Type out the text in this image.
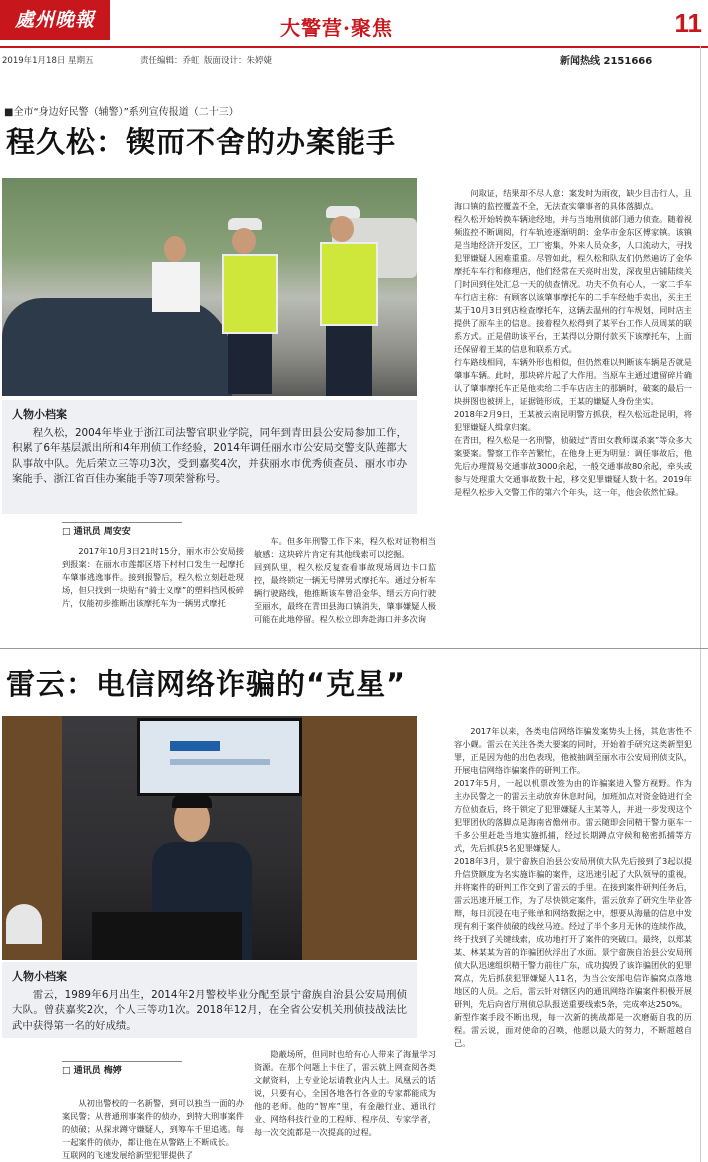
處州晚報	大警营·聚焦	11
2019年1月18日 星期五	责任编辑：乔虹 版面设计：朱婷婕	新闻热线 2151666
■全市“身边好民警（辅警）”系列宣传报道（二十三）
程久松：锲而不舍的办案能手
人物小档案
程久松，2004年毕业于浙江司法警官职业学院，同年到青田县公安局参加工作，积累了6年基层派出所和4年刑侦工作经验，2014年调任丽水市公安局交警支队莲都大队事故中队。先后荣立三等功3次，受到嘉奖4次，并获丽水市优秀侦查员、丽水市办案能手、浙江省百佳办案能手等7项荣誉称号。
□ 通讯员 周安安

2017年10月3日21时15分，丽水市公安局接到报案：在丽水市莲都区塔下村村口发生一起摩托车肇事逃逸事件。接到报警后，程久松立刻赶赴现场，但只找到一块贴有“骑士义摩”的塑料挡风板碎片，仅能初步推断出该摩托车为一辆男式摩托

车。但多年刑警工作下来，程久松对证物相当敏感：这块碎片肯定有其他线索可以挖掘。
回到队里，程久松反复查看事故现场周边卡口监控，最终锁定一辆无号牌男式摩托车。通过分析车辆行驶路线，他推断该车曾沿金华、缙云方向行驶至丽水，最终在青田县海口镇消失，肇事嫌疑人极可能在此地停留。程久松立即奔赴海口并多次询

问取证，结果却不尽人意：案发时为雨夜，缺少目击行人，且海口镇的监控覆盖不全，无法查实肇事者的具体落脚点。
程久松开始转换车辆途经地，并与当地刑侦部门通力侦查。随着视频监控不断调阅，行车轨迹逐渐明朗：金华市金东区傅家镇。该镇是当地经济开发区，工厂密集，外来人员众多，人口流动大，寻找犯罪嫌疑人困难重重。尽管如此，程久松和队友们仍然遍访了金华摩托车车行和修理店，他们经常在天亮时出发，深夜里店铺陆续关门时回到住处汇总一天的侦查情况。功夫不负有心人，一家二手车车行店主称：有顾客以该肇事摩托车的二手车经他手卖出，买主王某于10月3日到店检查摩托车，这辆去温州的行车规划，同时店主提供了原车主的信息。接着程久松得到了某平台工作人员周某的联系方式。正是借助该平台，王某得以分期付款买下该摩托车，上面还保留着王某的信息和联系方式。
行车路线相同，车辆外形也相似，但仍然难以判断该车辆是否就是肇事车辆。此时，那块碎片起了大作用。当原车主通过遗留碎片确认了肇事摩托车正是他卖给二手车店店主的那辆时，破案的最后一块拼图也被拼上，证据链形成，王某的嫌疑人身份坐实。
2018年2月9日，王某被云南昆明警方抓获，程久松远赴昆明，将犯罪嫌疑人缉拿归案。
在青田，程久松是一名刑警，侦破过“青田女教师谋杀案”等众多大案要案。警察工作辛苦繁忙，在他身上更为明显：调任事故后，他先后办理简易交通事故3000余起，一般交通事故80余起，牵头或参与处理重大交通事故数十起，移交犯罪嫌疑人数十名。2019年是程久松步入交警工作的第六个年头，这一年，他会依然忙碌。

雷云：电信网络诈骗的“克星”
人物小档案
雷云，1989年6月出生，2014年2月警校毕业分配至景宁畲族自治县公安局刑侦大队。曾获嘉奖2次，个人三等功1次。2018年12月，在全省公安机关刑侦技战法比武中获得第一名的好成绩。

□ 通讯员 梅婷

从初出警校的一名新警，到可以独当一面的办案民警；从普通刑事案件的侦办，到特大刑事案件的侦破；从探求蹲守嫌疑人，到筹车千里追逃。每一起案件的侦办，都让他在从警路上不断成长。
互联网的飞速发展给新型犯罪提供了

隐蔽场所，但同时也给有心人带来了海量学习资源。在那个问题上卡住了，雷云就上网查阅各类文献资料，上专业论坛请教业内人士。凤凰云的话说，只要有心，全国各地各行各业的专家都能成为他的老师。他的“智库”里，有金融行业、通讯行业、网络科技行业的工程师、程序员、专家学者，每一次交流都是一次提高的过程。

2017年以来，各类电信网络诈骗发案势头上扬，其危害性不容小觑。雷云在关注各类大要案的同时，开始着手研究这类新型犯罪，正是因为他的出色表现，他被抽调至丽水市公安局刑侦支队，开展电信网络诈骗案件的研判工作。
2017年5月，一起以机票改签为由的诈骗案进入警方视野。作为主办民警之一的雷云主动放弃休息时间，加班加点对资金链进行全方位侦查后，终于锁定了犯罪嫌疑人主某等人，并进一步发现这个犯罪团伙的落脚点是海南省儋州市。雷云随即会同精干警力驱车一千多公里赶赴当地实施抓捕，经过长期蹲点守候和秘密抓捕等方式，先后抓获5名犯罪嫌疑人。
2018年3月，景宁畲族自治县公安局刑侦大队先后接到了3起以提升信贷额度为名实施诈骗的案件，这迅速引起了大队领导的重视，并将案件的研判工作交到了雷云的手里。在接到案件研判任务后，雷云迅速开展工作，为了尽快锁定案件，雷云放弃了研究生毕业答辩，每日沉浸在电子账单和网络数据之中，想要从海量的信息中发现有利于案件侦破的线丝马迹。经过了半个多月无休的连续作战，终于找到了关键线索，成功地打开了案件的突破口。最终，以郑某某、林某某为首的诈骗团伙浮出了水面。景宁畲族自治县公安局刑侦大队迅速组织精干警力前往广东，成功捣毁了该诈骗团伙的犯罪窝点，先后抓获犯罪嫌疑人11名，为当公安部电信诈骗窝点落地地区的人员。之后，雷云针对辖区内的通讯网络诈骗案件积极开展研判，先后向省厅刑侦总队报送重要线索5条，完成率达250%。
新型作案手段不断出现，每一次新的挑战都是一次磨砺自我的历程。雷云说，面对使命的召唤，他愿以最大的努力，不断超越自己。
